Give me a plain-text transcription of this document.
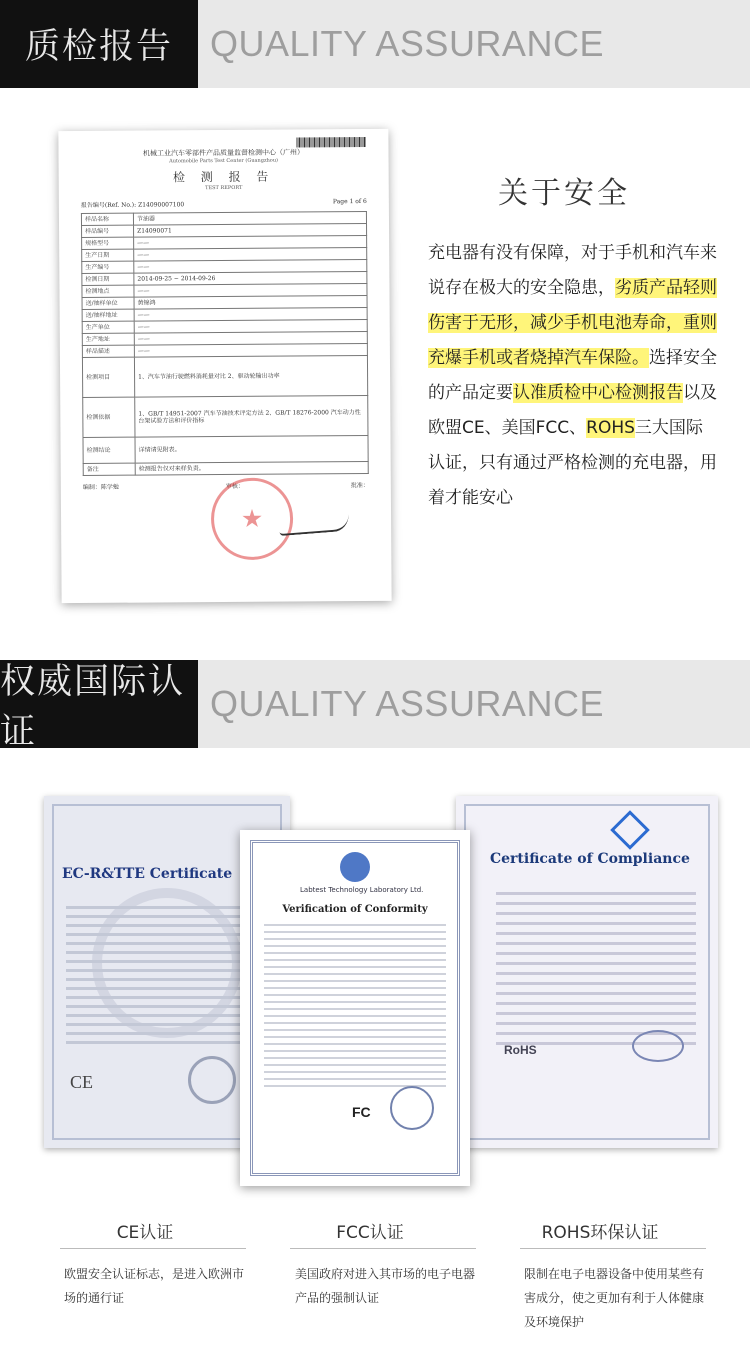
质检报告 QUALITY ASSURANCE
机械工业汽车零部件产品质量监督检测中心（广州）
Automobile Parts Test Center (Guangzhou)
检 测 报 告
TEST REPORT
报告编号(Ref. No.): Z14090007100	Page 1 of 6
样品名称	节油器
样品编号	Z14090071
规格型号	——
生产日期	——
生产编号	——
检测日期	2014-09-25 ~ 2014-09-26
检测地点	——
送/抽样单位	黄锦鸿
送/抽样地址	——
生产单位	——
生产地址	——
样品描述	——
检测项目	1、汽车节油行驶燃料消耗量对比 2、驱动轮输出功率
检测依据	1、GB/T 14951-2007 汽车节油技术评定方法 2、GB/T 18276-2000 汽车动力性台架试验方法和评价指标
检测结论	详情请见附表。
备注	检测报告仅对来样负责。
编制：陈学勉	审核：	批准：
关于安全
充电器有没有保障，对于手机和汽车来说存在极大的安全隐患，劣质产品轻则伤害于无形，减少手机电池寿命，重则充爆手机或者烧掉汽车保险。选择安全的产品定要认准质检中心检测报告以及欧盟CE、美国FCC、ROHS三大国际认证，只有通过严格检测的充电器，用着才能安心
权威国际认证
QUALITY ASSURANCE
EC-R&TTE Certificate
CE
Certificate of Compliance
RoHS
Labtest Technology Laboratory Ltd.
Verification of Conformity
FC
CE认证	FCC认证	ROHS环保认证
欧盟安全认证标志，是进入欧洲市场的通行证
美国政府对进入其市场的电子电器产品的强制认证
限制在电子电器设备中使用某些有害成分，使之更加有利于人体健康及环境保护
